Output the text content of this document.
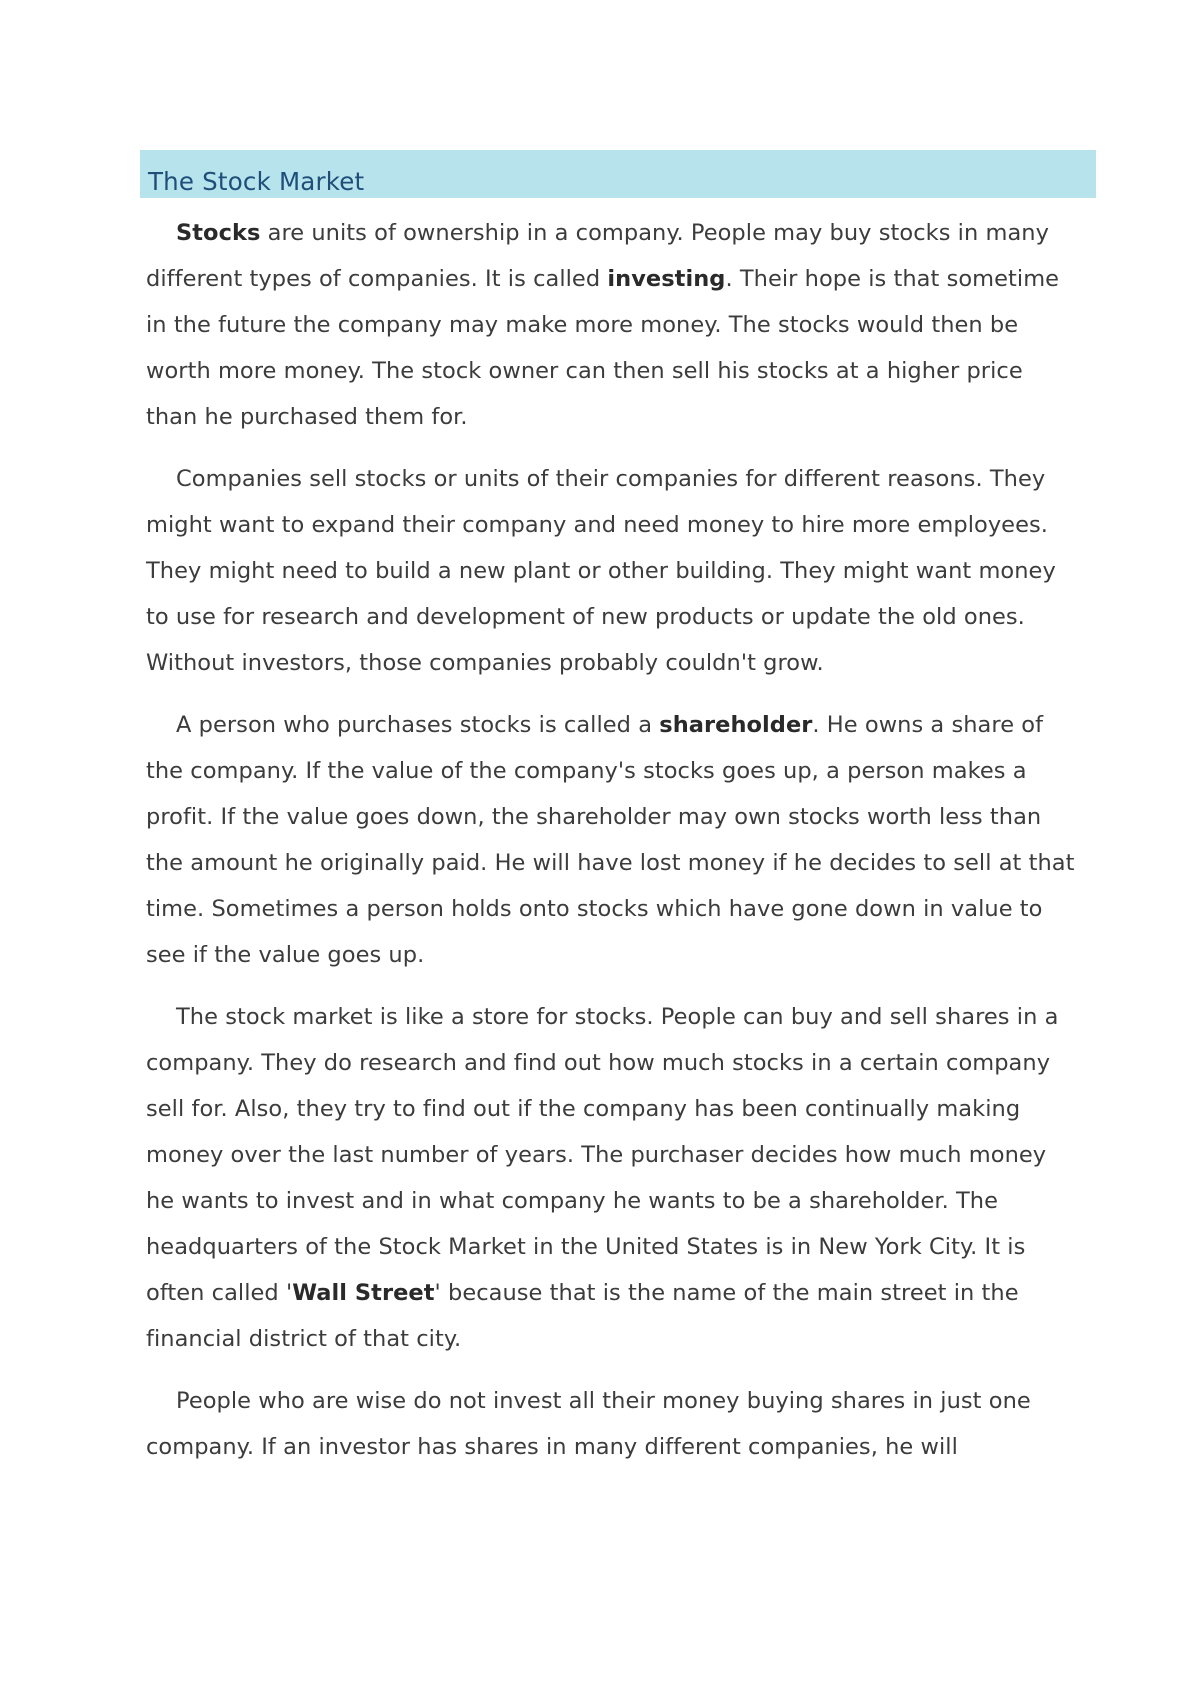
The Stock Market

Stocks are units of ownership in a company. People may buy stocks in many different types of companies. It is called investing. Their hope is that sometime in the future the company may make more money. The stocks would then be worth more money. The stock owner can then sell his stocks at a higher price than he purchased them for.

Companies sell stocks or units of their companies for different reasons. They might want to expand their company and need money to hire more employees. They might need to build a new plant or other building. They might want money to use for research and development of new products or update the old ones. Without investors, those companies probably couldn't grow.

A person who purchases stocks is called a shareholder. He owns a share of the company. If the value of the company's stocks goes up, a person makes a profit. If the value goes down, the shareholder may own stocks worth less than the amount he originally paid. He will have lost money if he decides to sell at that time. Sometimes a person holds onto stocks which have gone down in value to see if the value goes up.

The stock market is like a store for stocks. People can buy and sell shares in a company. They do research and find out how much stocks in a certain company sell for. Also, they try to find out if the company has been continually making money over the last number of years. The purchaser decides how much money he wants to invest and in what company he wants to be a shareholder. The headquarters of the Stock Market in the United States is in New York City. It is often called 'Wall Street' because that is the name of the main street in the financial district of that city.

People who are wise do not invest all their money buying shares in just one company. If an investor has shares in many different companies, he will
